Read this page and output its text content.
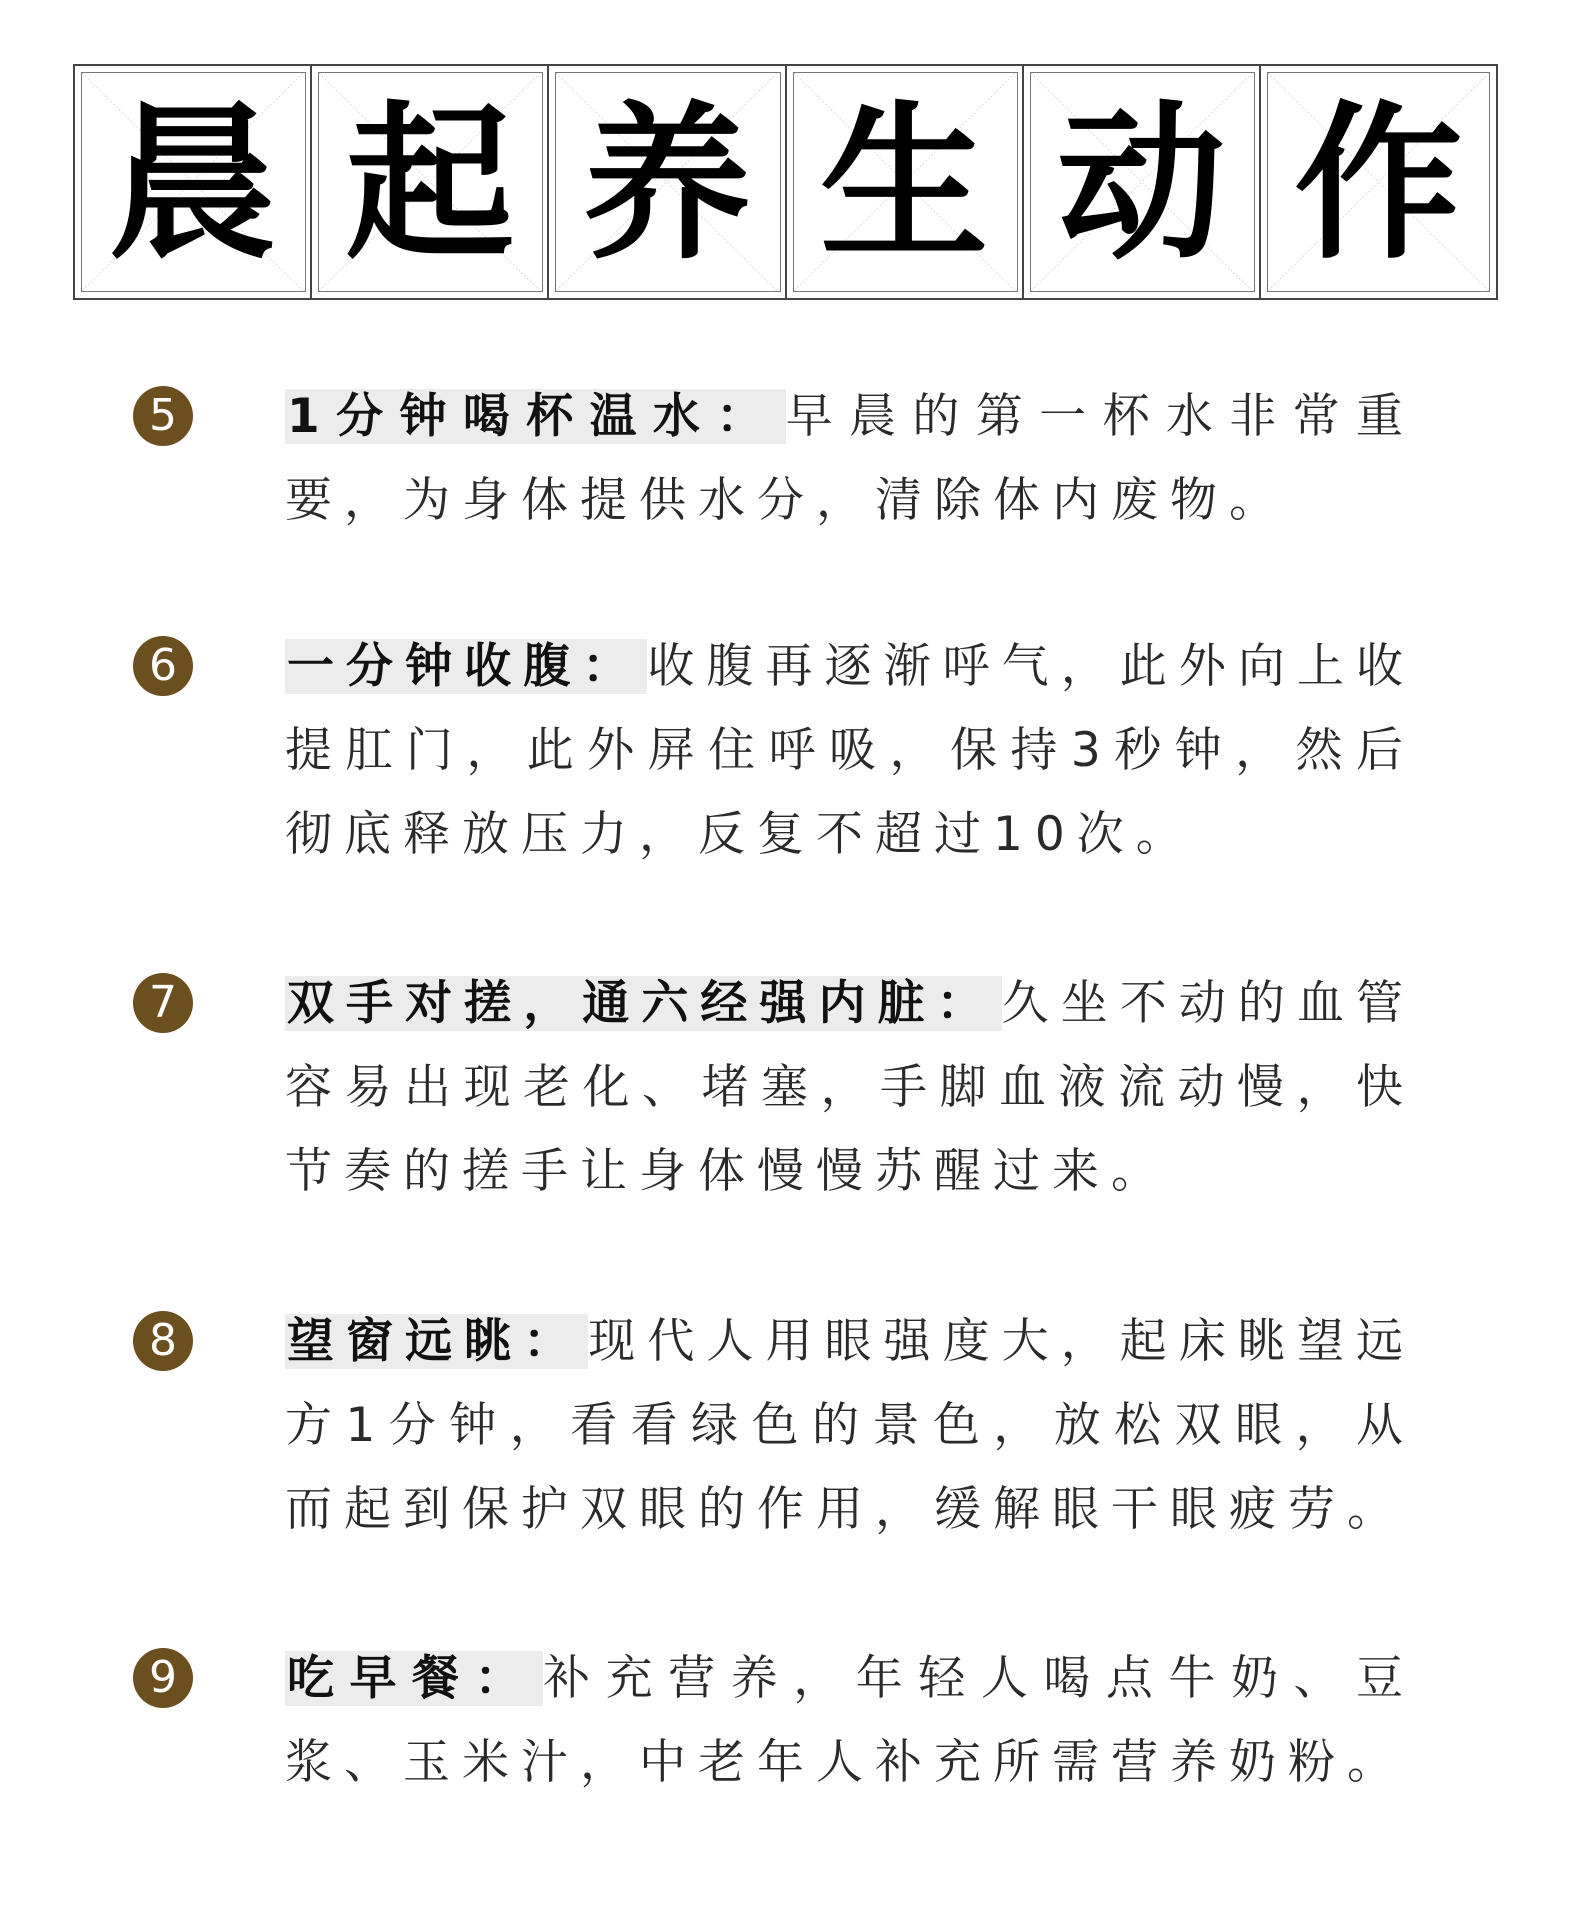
晨 起 养 生 动 作
5	1分钟喝杯温水： 早晨的第一杯水非常重要，为身体提供水分，清除体内废物。
6	一分钟收腹： 收腹再逐渐呼气，此外向上收提肛门，此外屏住呼吸，保持3秒钟，然后彻底释放压力，反复不超过10次。
7	双手对搓，通六经强内脏： 久坐不动的血管容易出现老化、堵塞，手脚血液流动慢，快节奏的搓手让身体慢慢苏醒过来。
8	望窗远眺： 现代人用眼强度大，起床眺望远方1分钟，看看绿色的景色，放松双眼，从而起到保护双眼的作用，缓解眼干眼疲劳。
9	吃早餐： 补充营养，年轻人喝点牛奶、豆浆、玉米汁，中老年人补充所需营养奶粉。
